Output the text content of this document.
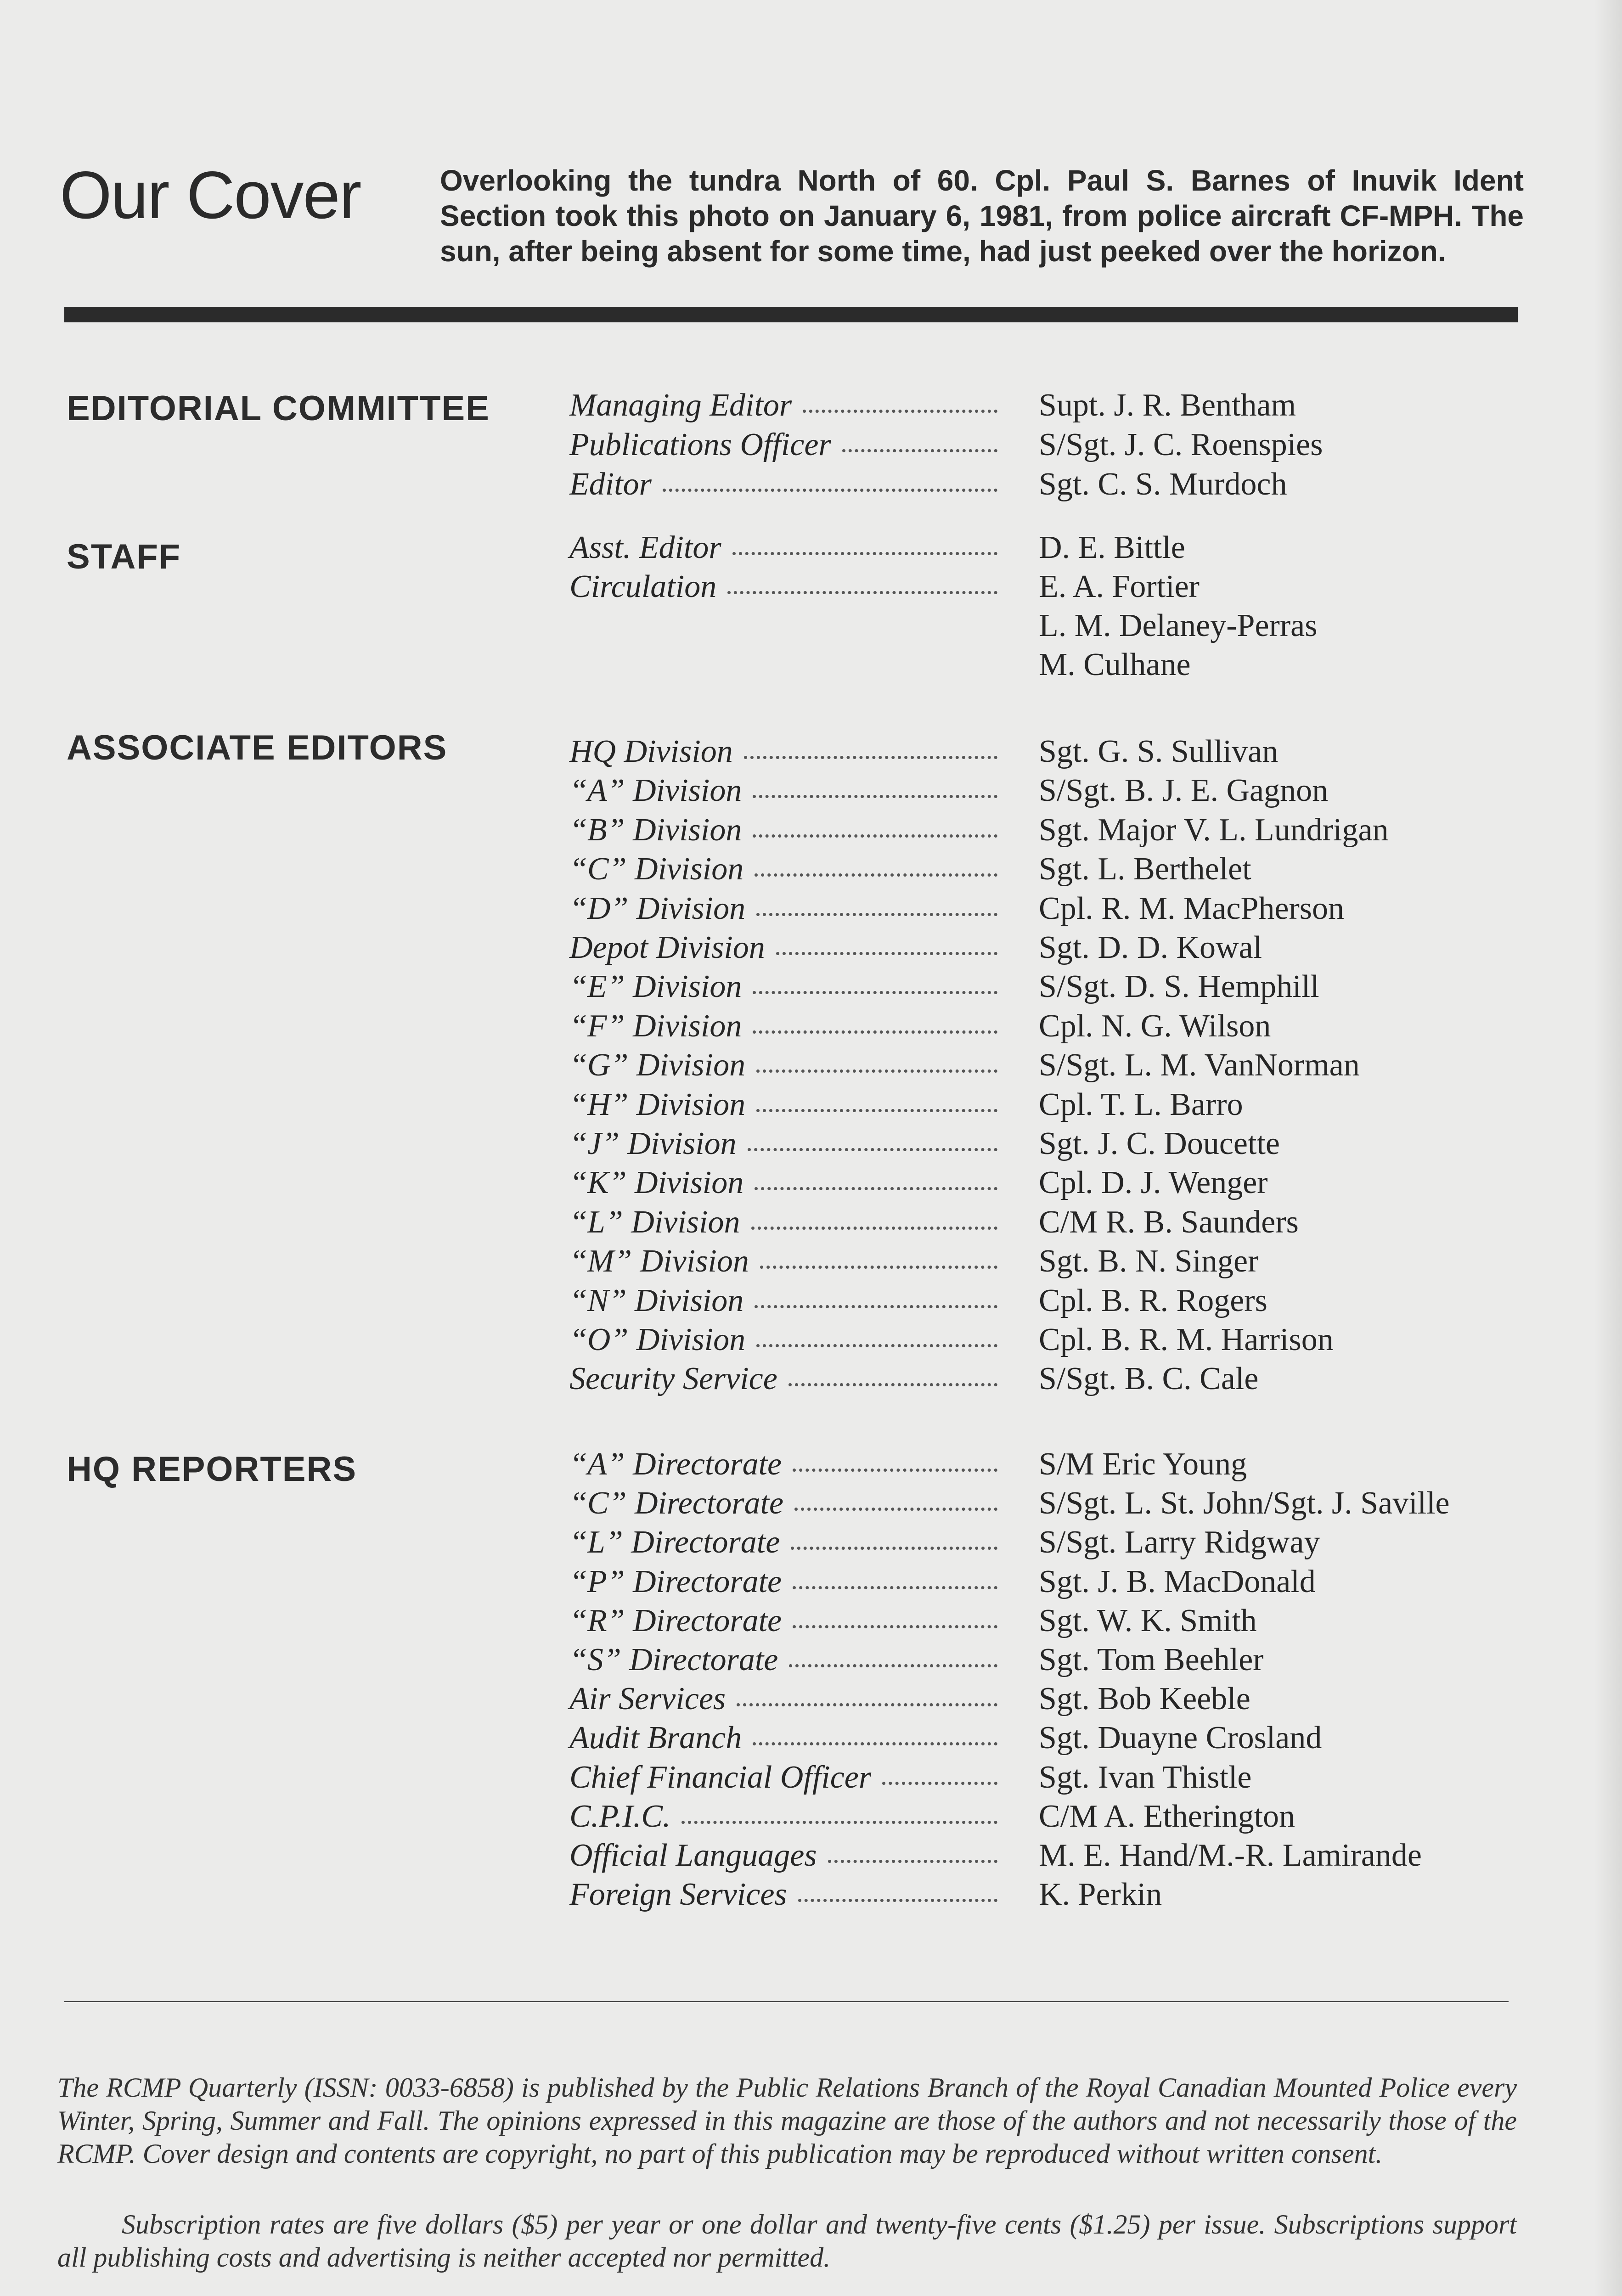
Our Cover	Overlooking the tundra North of 60. Cpl. Paul S. Barnes of Inuvik Ident Section took this photo on January 6, 1981, from police aircraft CF-MPH. The sun, after being absent for some time, had just peeked over the horizon.

EDITORIAL COMMITTEE Managing Editor	Supt. J. R. Bentham
Publications Officer	S/Sgt. J. C. Roenspies
Editor	Sgt. C. S. Murdoch
STAFF	Asst. Editor	D. E. Bittle
Circulation	E. A. Fortier
L. M. Delaney-Perras
M. Culhane
ASSOCIATE EDITORS	HQ Division	Sgt. G. S. Sullivan
“A” Division	S/Sgt. B. J. E. Gagnon
“B” Division	Sgt. Major V. L. Lundrigan
“C” Division	Sgt. L. Berthelet
“D” Division	Cpl. R. M. MacPherson
Depot Division	Sgt. D. D. Kowal
“E” Division	S/Sgt. D. S. Hemphill
“F” Division	Cpl. N. G. Wilson
“G” Division	S/Sgt. L. M. VanNorman
“H” Division	Cpl. T. L. Barro
“J” Division	Sgt. J. C. Doucette
“K” Division	Cpl. D. J. Wenger
“L” Division	C/M R. B. Saunders
“M” Division	Sgt. B. N. Singer
“N” Division	Cpl. B. R. Rogers
“O” Division	Cpl. B. R. M. Harrison
Security Service	S/Sgt. B. C. Cale
HQ REPORTERS	“A” Directorate	S/M Eric Young
“C” Directorate	S/Sgt. L. St. John/Sgt. J. Saville
“L” Directorate	S/Sgt. Larry Ridgway
“P” Directorate	Sgt. J. B. MacDonald
“R” Directorate	Sgt. W. K. Smith
“S” Directorate	Sgt. Tom Beehler
Air Services	Sgt. Bob Keeble
Audit Branch	Sgt. Duayne Crosland
Chief Financial Officer	Sgt. Ivan Thistle
C.P.I.C.	C/M A. Etherington
Official Languages	M. E. Hand/M.-R. Lamirande
Foreign Services	K. Perkin

The RCMP Quarterly (ISSN: 0033-6858) is published by the Public Relations Branch of the Royal Canadian Mounted Police every Winter, Spring, Summer and Fall. The opinions expressed in this magazine are those of the authors and not necessarily those of the RCMP. Cover design and contents are copyright, no part of this publication may be reproduced without written consent.

Subscription rates are five dollars ($5) per year or one dollar and twenty-five cents ($1.25) per issue. Subscriptions support all publishing costs and advertising is neither accepted nor permitted.
